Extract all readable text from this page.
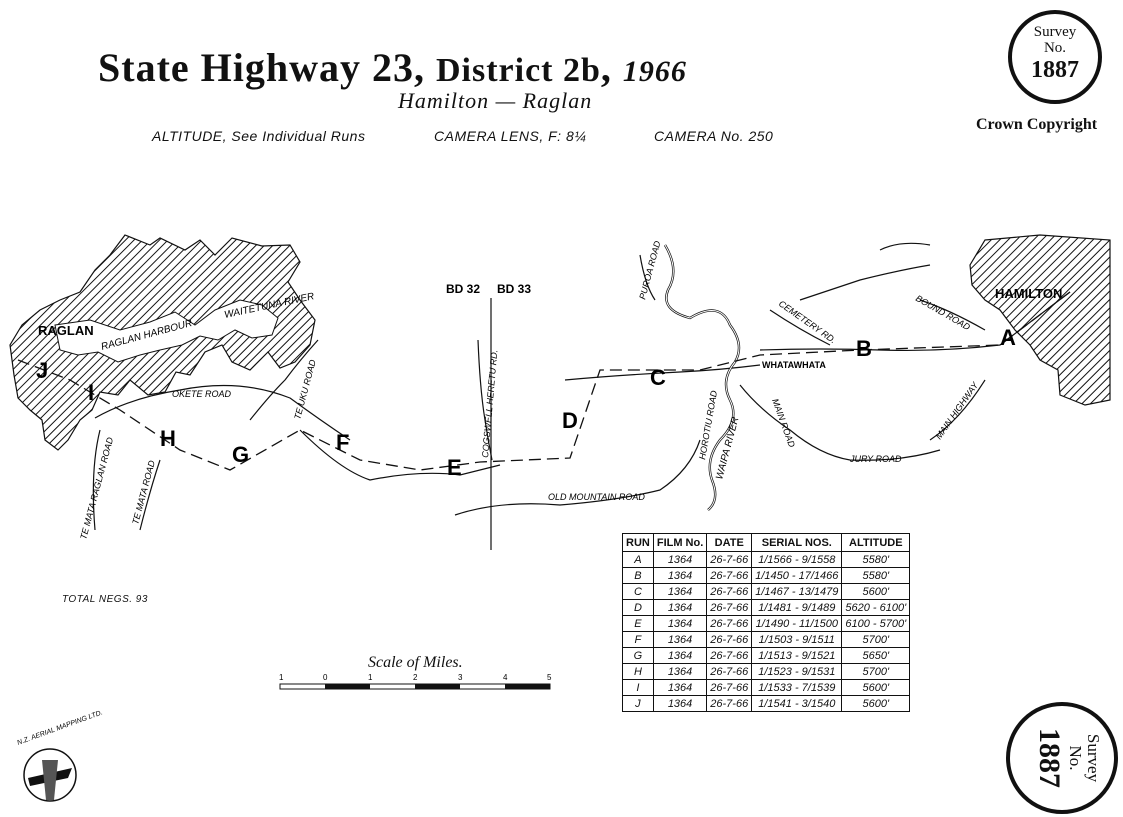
State Highway 23, District 2b, 1966
Hamilton — Raglan
ALTITUDE, See Individual Runs	CAMERA LENS, F: 8¼	CAMERA No. 250
Survey
No.
1887
Crown Copyright
Survey
No.
1887
BD 32 BD 33
RAGLAN
HAMILTON
RAGLAN HARBOUR
WAITETUNA RIVER
WHATAWHATA
WAIPA RIVER
OKETE ROAD	TE UKU ROAD
TE MATA RAGLAN ROAD TE MATA ROAD
COGSWELL HERETU RD.
OLD MOUNTAIN ROAD
PUROA ROAD
CEMETERY RD.	BOUND ROAD
HOROTIU ROAD	MAIN ROAD
JURY ROAD
MAIN HIGHWAY
A
B
C
D
E
F
G
H
I
J
1	0	1	2	3	4	5
N.Z. AERIAL MAPPING LTD.
TOTAL NEGS. 93
Scale of Miles.
RUN	FILM No.	DATE	SERIAL NOS.	ALTITUDE
A	1364	26-7-66	1/1566 - 9/1558	5580'
B	1364	26-7-66	1/1450 - 17/1466	5580'
C	1364	26-7-66	1/1467 - 13/1479	5600'
D	1364	26-7-66	1/1481 - 9/1489	5620 - 6100'
E	1364	26-7-66	1/1490 - 11/1500	6100 - 5700'
F	1364	26-7-66	1/1503 - 9/1511	5700'
G	1364	26-7-66	1/1513 - 9/1521	5650'
H	1364	26-7-66	1/1523 - 9/1531	5700'
I	1364	26-7-66	1/1533 - 7/1539	5600'
J	1364	26-7-66	1/1541 - 3/1540	5600'
